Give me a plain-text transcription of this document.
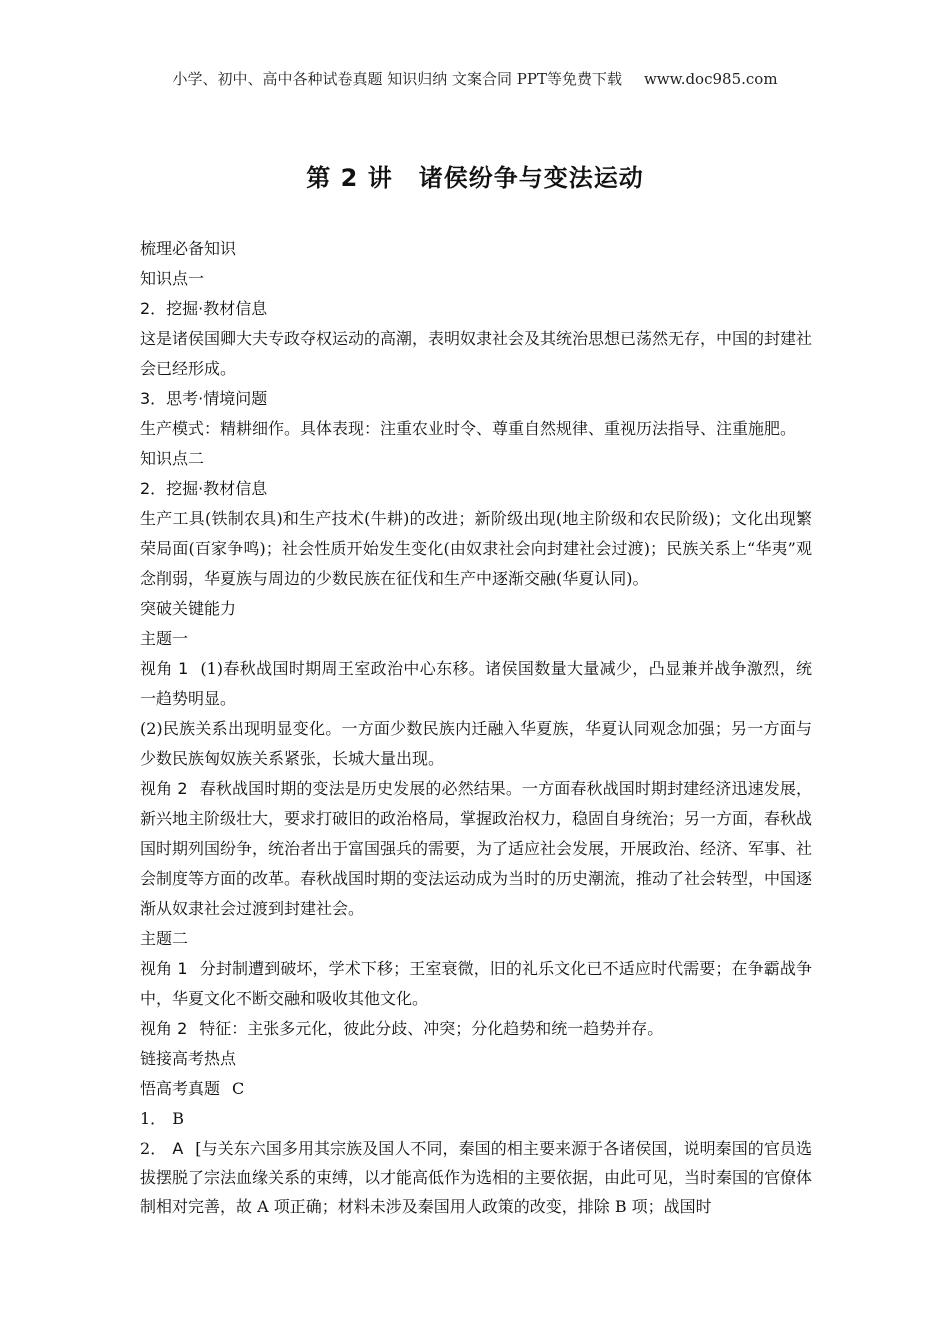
小学、初中、高中各种试卷真题 知识归纳 文案合同 PPT等免费下载 www.doc985.com
第 2 讲 诸侯纷争与变法运动

梳理必备知识

知识点一

2．挖掘·教材信息

这是诸侯国卿大夫专政夺权运动的高潮，表明奴隶社会及其统治思想已荡然无存，中国的封建社会已经形成。

3．思考·情境问题

生产模式：精耕细作。具体表现：注重农业时令、尊重自然规律、重视历法指导、注重施肥。

知识点二

2．挖掘·教材信息

生产工具(铁制农具)和生产技术(牛耕)的改进；新阶级出现(地主阶级和农民阶级)；文化出现繁荣局面(百家争鸣)；社会性质开始发生变化(由奴隶社会向封建社会过渡)；民族关系上“华夷”观念削弱，华夏族与周边的少数民族在征伐和生产中逐渐交融(华夏认同)。

突破关键能力

主题一

视角 1 (1)春秋战国时期周王室政治中心东移。诸侯国数量大量减少，凸显兼并战争激烈，统一趋势明显。

(2)民族关系出现明显变化。一方面少数民族内迁融入华夏族，华夏认同观念加强；另一方面与少数民族匈奴族关系紧张，长城大量出现。

视角 2 春秋战国时期的变法是历史发展的必然结果。一方面春秋战国时期封建经济迅速发展，新兴地主阶级壮大，要求打破旧的政治格局，掌握政治权力，稳固自身统治；另一方面，春秋战国时期列国纷争，统治者出于富国强兵的需要，为了适应社会发展，开展政治、经济、军事、社会制度等方面的改革。春秋战国时期的变法运动成为当时的历史潮流，推动了社会转型，中国逐渐从奴隶社会过渡到封建社会。

主题二

视角 1 分封制遭到破坏，学术下移；王室衰微，旧的礼乐文化已不适应时代需要；在争霸战争中，华夏文化不断交融和吸收其他文化。

视角 2 特征：主张多元化，彼此分歧、冲突；分化趋势和统一趋势并存。

链接高考热点

悟高考真题 C

1． B

2． A [与关东六国多用其宗族及国人不同，秦国的相主要来源于各诸侯国，说明秦国的官员选拔摆脱了宗法血缘关系的束缚，以才能高低作为选相的主要依据，由此可见，当时秦国的官僚体制相对完善，故 A 项正确；材料未涉及秦国用人政策的改变，排除 B 项；战国时
